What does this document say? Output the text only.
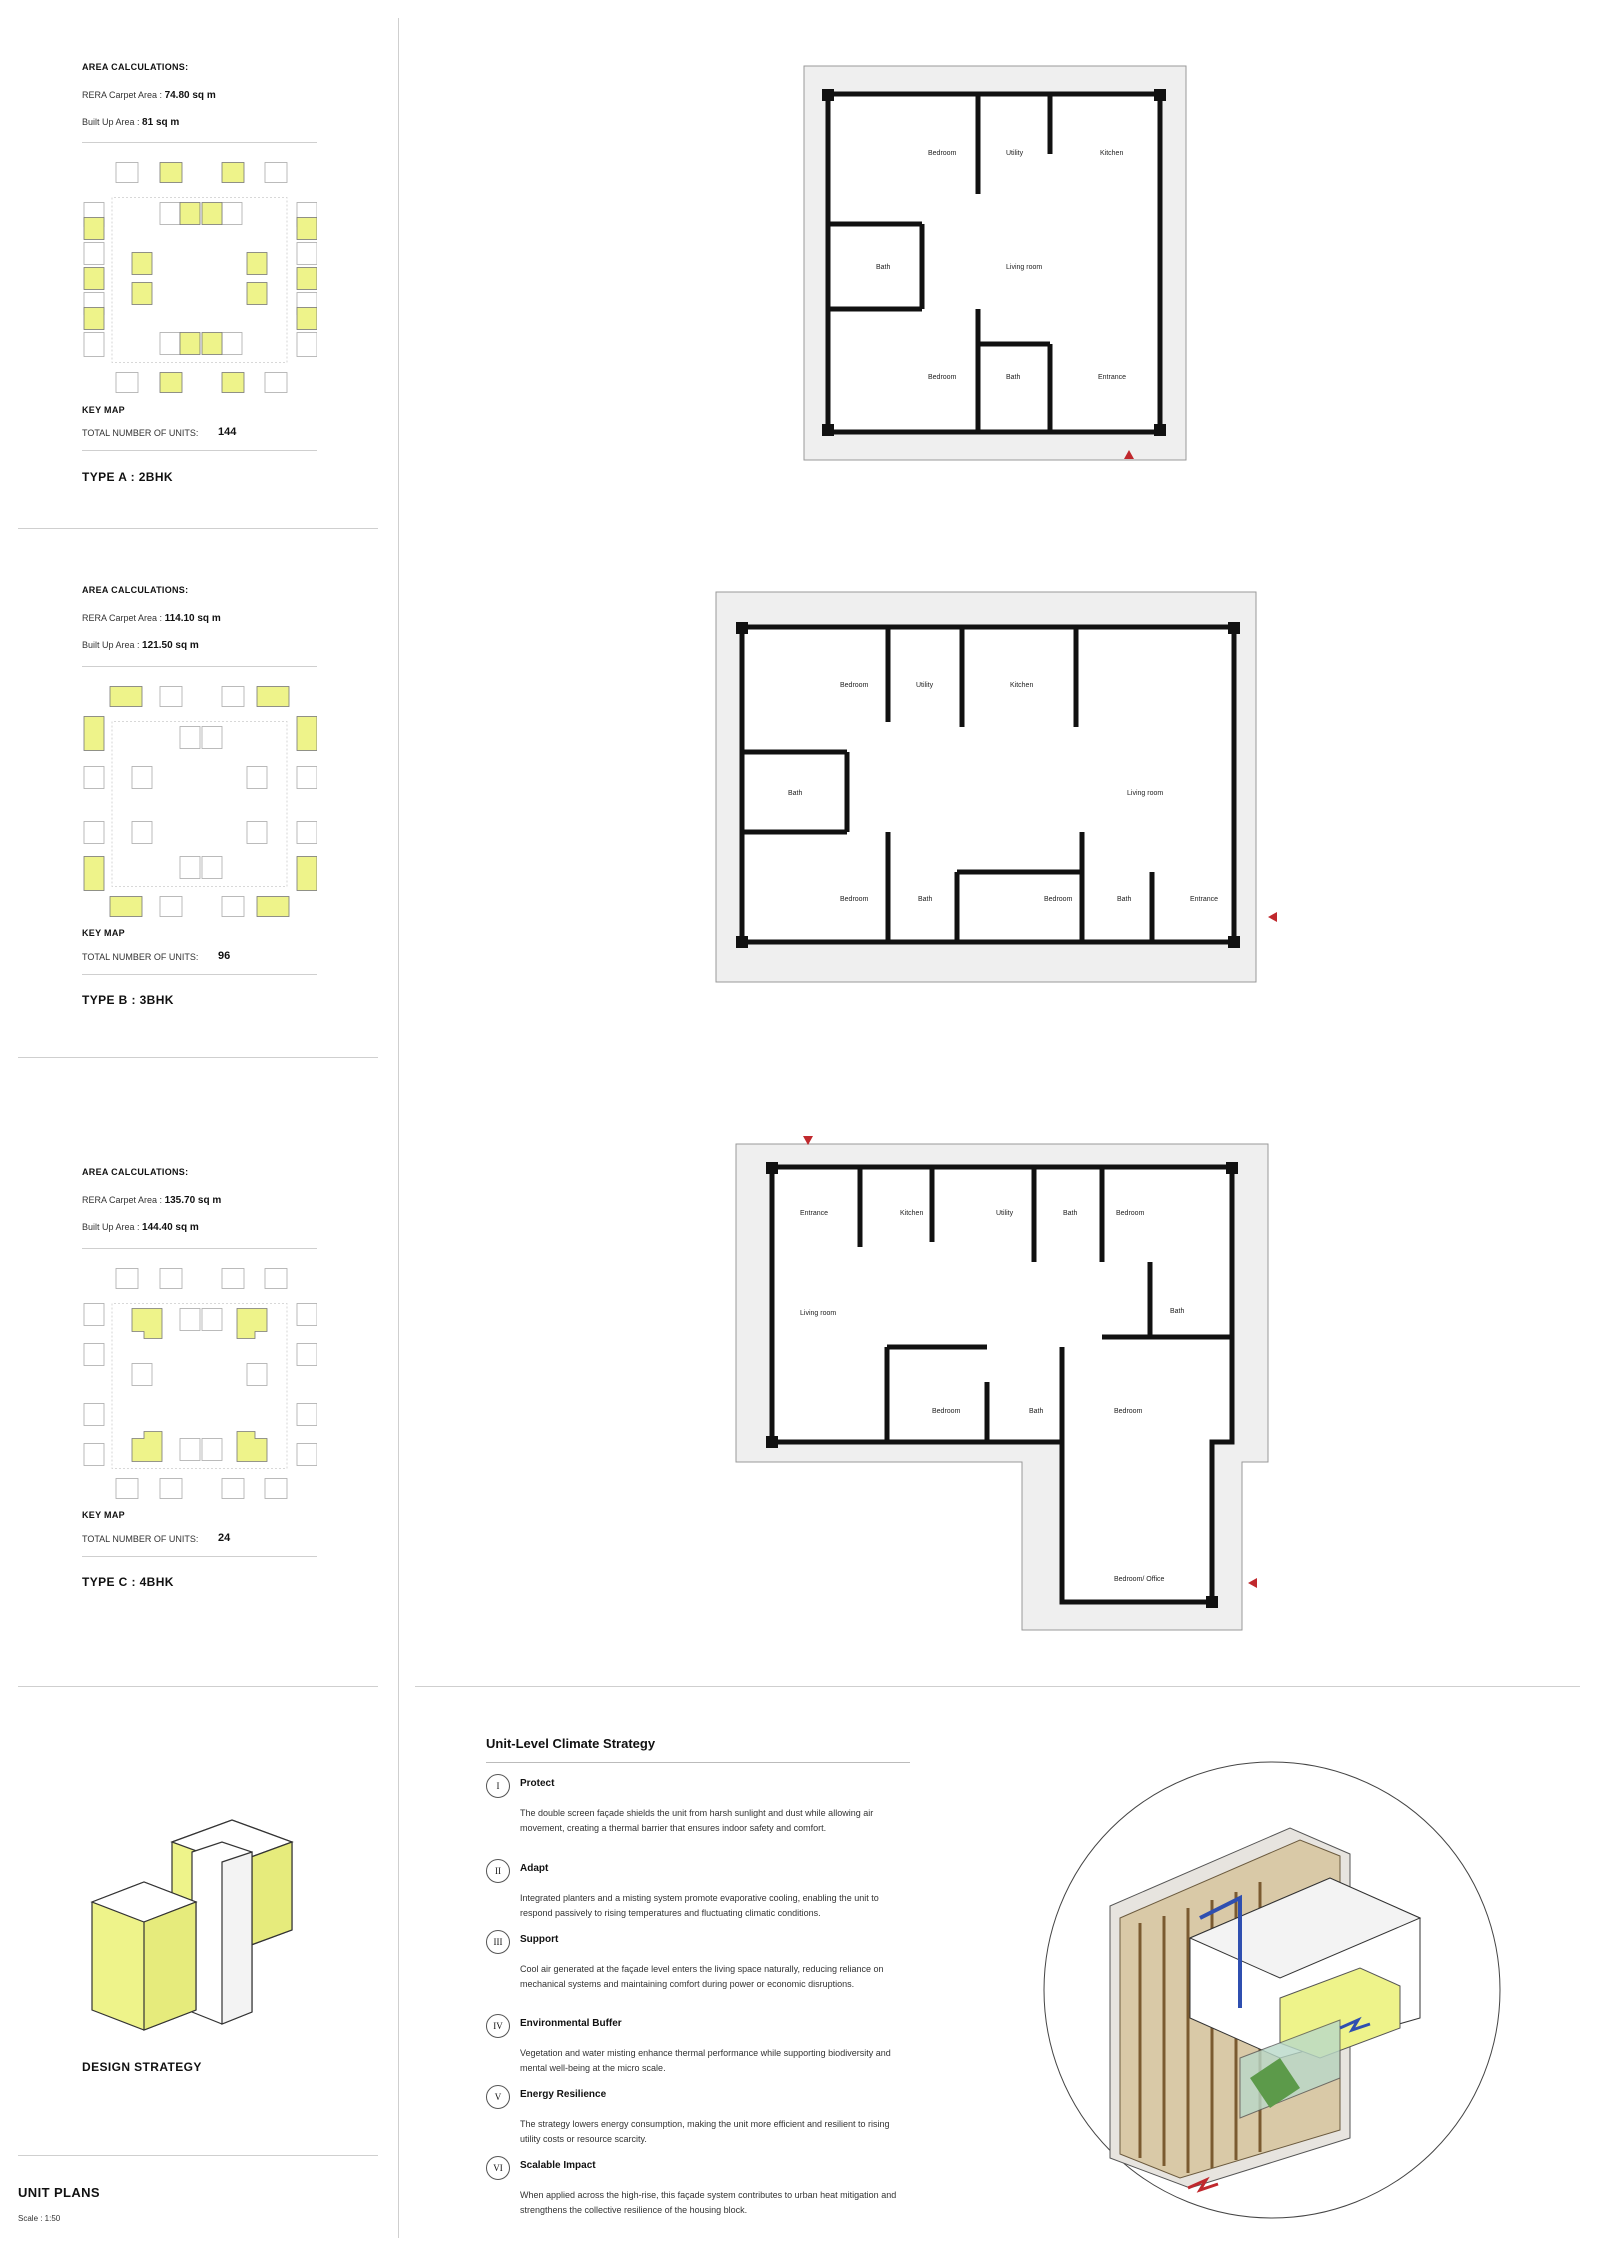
AREA CALCULATIONS:
RERA Carpet Area : 74.80 sq m
Built Up Area : 81 sq m
KEY MAP
TOTAL NUMBER OF UNITS: 144
TYPE A : 2BHK
Bedroom	Utility	Kitchen
Bath	Living room
Bedroom	Bath	Entrance
AREA CALCULATIONS:
RERA Carpet Area : 114.10 sq m
Built Up Area : 121.50 sq m
KEY MAP
TOTAL NUMBER OF UNITS: 96
TYPE B : 3BHK
Bedroom	Utility	Kitchen
Bath	Living room
Bedroom	Bath	Bedroom	Bath	Entrance
AREA CALCULATIONS:
RERA Carpet Area : 135.70 sq m
Built Up Area : 144.40 sq m
KEY MAP
TOTAL NUMBER OF UNITS: 24
TYPE C : 4BHK
Entrance	Kitchen	Utility	Bath	Bedroom
Living room	Bath
Bedroom	Bath	Bedroom
Bedroom/ Office
DESIGN STRATEGY
UNIT PLANS
Scale : 1:50
Unit-Level Climate Strategy
I	Protect
The double screen façade shields the unit from harsh sunlight and dust while allowing air movement, creating a thermal barrier that ensures indoor safety and comfort.
II	Adapt
Integrated planters and a misting system promote evaporative cooling, enabling the unit to respond passively to rising temperatures and fluctuating climatic conditions.
III	Support
Cool air generated at the façade level enters the living space naturally, reducing reliance on mechanical systems and maintaining comfort during power or economic disruptions.
IV	Environmental Buffer
Vegetation and water misting enhance thermal performance while supporting biodiversity and mental well-being at the micro scale.
V	Energy Resilience
The strategy lowers energy consumption, making the unit more efficient and resilient to rising utility costs or resource scarcity.
VI	Scalable Impact
When applied across the high-rise, this façade system contributes to urban heat mitigation and strengthens the collective resilience of the housing block.
